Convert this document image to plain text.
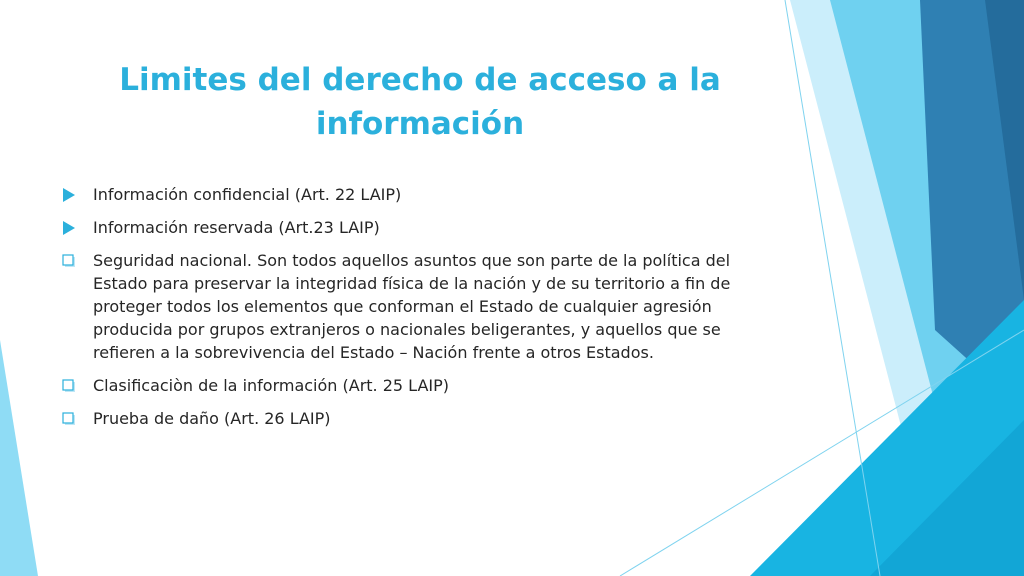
Limites del derecho de acceso a la información
Información confidencial (Art. 22 LAIP)
Información reservada (Art.23 LAIP)
Seguridad nacional. Son todos aquellos asuntos que son parte de la política del Estado para preservar la integridad física de la nación y de su territorio a fin de proteger todos los elementos que conforman el Estado de cualquier agresión producida por grupos extranjeros o nacionales beligerantes, y aquellos que se refieren a la sobrevivencia del Estado – Nación frente a otros Estados.
Clasificaciòn de la información (Art. 25 LAIP)
Prueba de daño (Art. 26 LAIP)
